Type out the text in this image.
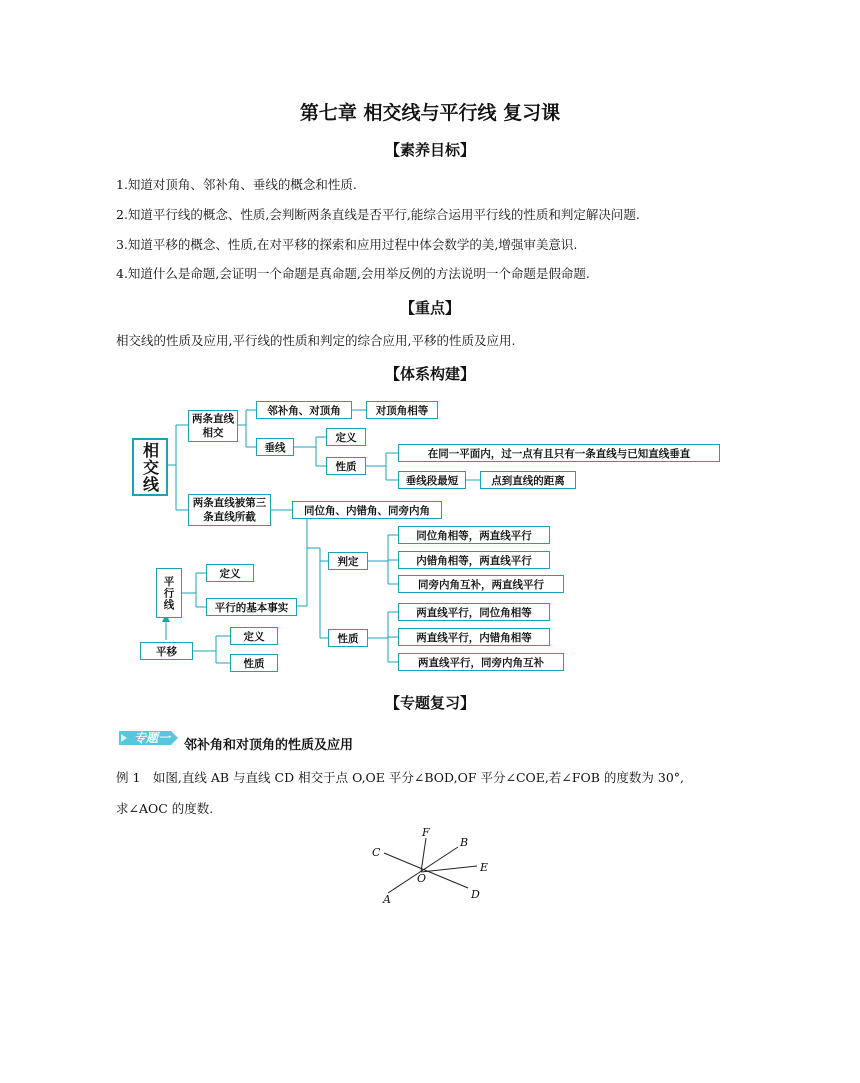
第七章 相交线与平行线 复习课
【素养目标】
1.知道对顶角、邻补角、垂线的概念和性质.
2.知道平行线的概念、性质,会判断两条直线是否平行,能综合运用平行线的性质和判定解决问题.
3.知道平移的概念、性质,在对平移的探索和应用过程中体会数学的美,增强审美意识.
4.知道什么是命题,会证明一个命题是真命题,会用举反例的方法说明一个命题是假命题.
【重点】
相交线的性质及应用,平行线的性质和判定的综合应用,平移的性质及应用.
【体系构建】
相交线
两条直线相交
邻补角、对顶角	对顶角相等
垂线
定义
性质
在同一平面内，过一点有且只有一条直线与已知直线垂直
垂线段最短	点到直线的距离
两条直线被第三条直线所截
同位角、内错角、同旁内角
判定
同位角相等，两直线平行
内错角相等，两直线平行
同旁内角互补，两直线平行
平行线
定义
平行的基本事实
性质
两直线平行，同位角相等
两直线平行，内错角相等
两直线平行，同旁内角互补
平移
定义
性质
【专题复习】
专题一 邻补角和对顶角的性质及应用
例 1　如图,直线 AB 与直线 CD 相交于点 O,OE 平分∠BOD,OF 平分∠COE,若∠FOB 的度数为 30°,
求∠AOC 的度数.
F
B
C
E
O
A	D
